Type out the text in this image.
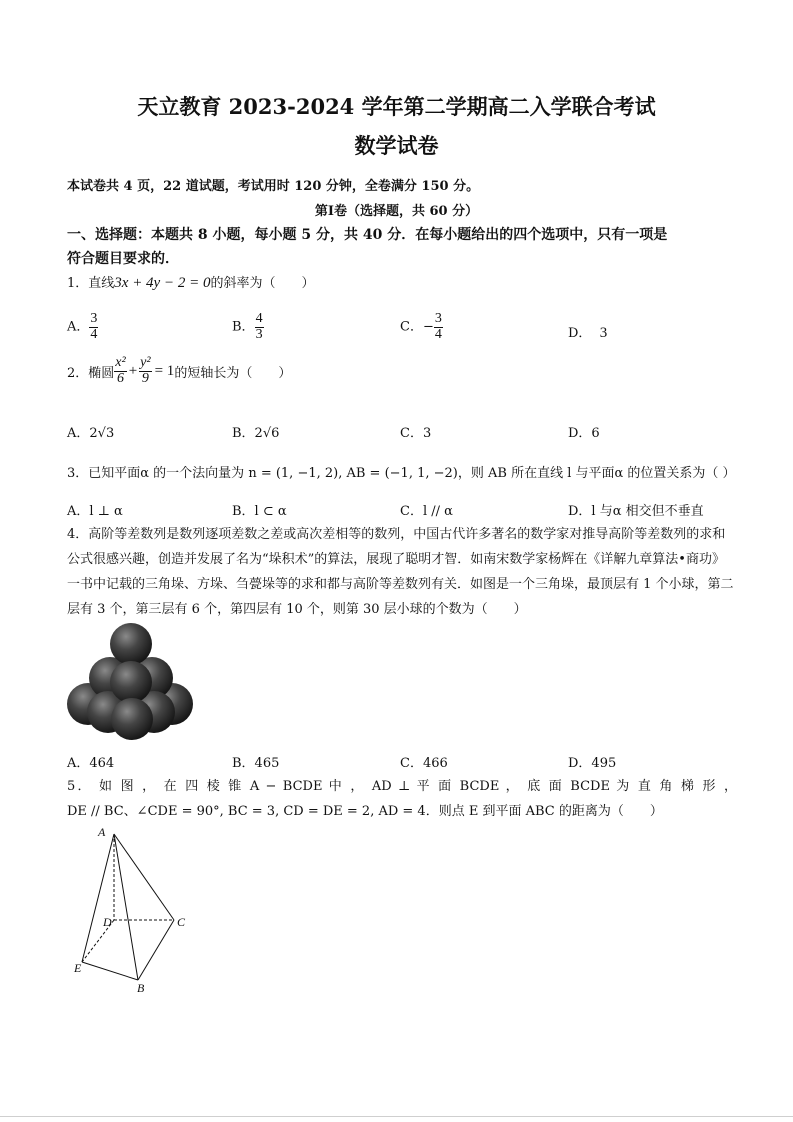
天立教育 2023-2024 学年第二学期高二入学联合考试
数学试卷
本试卷共 4 页，22 道试题，考试用时 120 分钟，全卷满分 150 分。
第Ⅰ卷（选择题，共 60 分）
一、选择题：本题共 8 小题，每小题 5 分，共 40 分．在每小题给出的四个选项中，只有一项是
符合题目要求的．
1．直线3x + 4y − 2 = 0的斜率为（　　）
A． $\frac{3}{4}$	B． $\frac{4}{3}$	C．− $\frac{3}{4}$	D． 3
2．椭圆 $\frac{\text{x²}}{6} + \frac{\text{y²}}{9} = 1$ 的短轴长为（　　）
A．2√3	B．2√6	C．3	D．6
3．已知平面α 的一个法向量为 n = (1, −1, 2), AB = (−1, 1, −2)，则 AB 所在直线 l 与平面α 的位置关系为（ ）
A．l ⊥ α	B．l ⊂ α	C．l // α	D．l 与α 相交但不垂直
4．高阶等差数列是数列逐项差数之差或高次差相等的数列，中国古代许多著名的数学家对推导高阶等差数列的求和公式很感兴趣，创造并发展了名为“垛积术”的算法，展现了聪明才智．如南宋数学家杨辉在《详解九章算法•商功》一书中记载的三角垛、方垛、刍甍垛等的求和都与高阶等差数列有关．如图是一个三角垛，最顶层有 1 个小球，第二层有 3 个，第三层有 6 个，第四层有 10 个，则第 30 层小球的个数为（　　）
A．464	B．465	C．466	D．495
5． 如 图 ， 在 四 棱 锥 A − BCDE 中 ， AD ⊥ 平 面 BCDE ， 底 面 BCDE 为 直 角 梯 形 ，
DE // BC、∠CDE = 90°, BC = 3, CD = DE = 2, AD = 4．则点 E 到平面 ABC 的距离为（　　）
A
D	C
E
B
